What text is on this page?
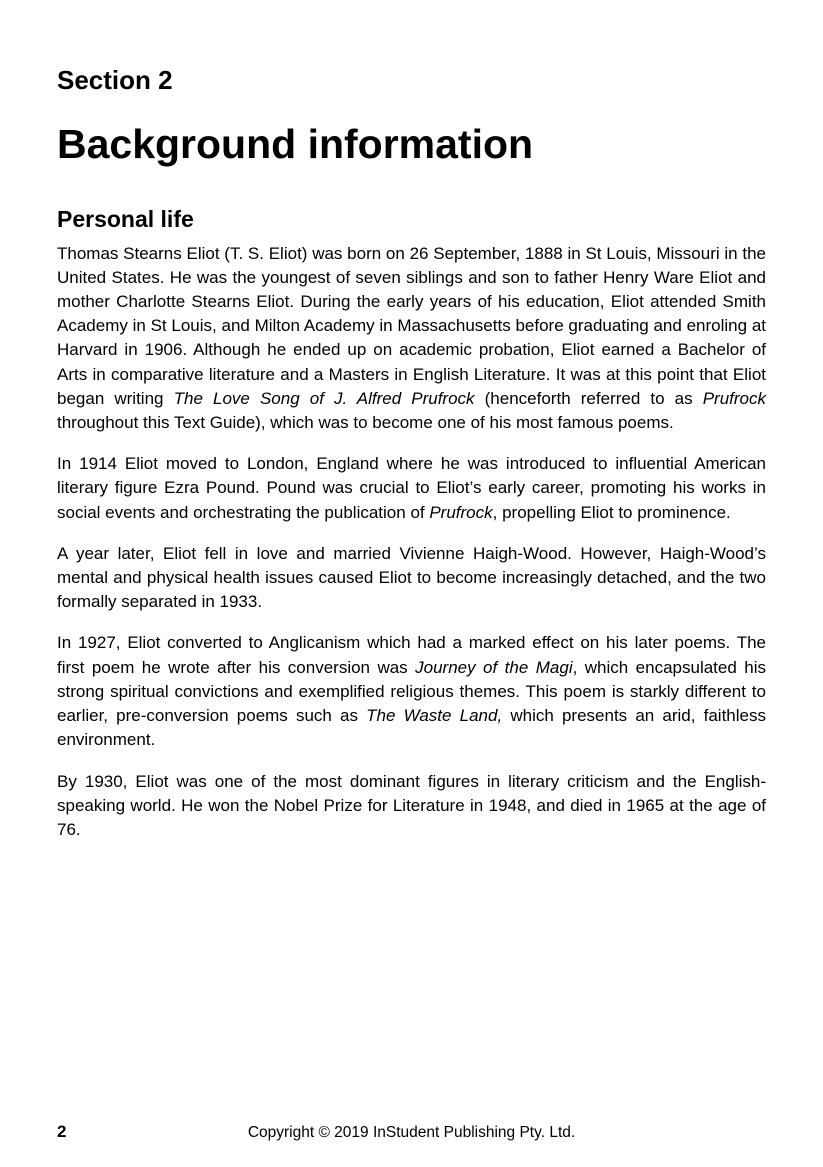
Section 2
Background information
Personal life

Thomas Stearns Eliot (T. S. Eliot) was born on 26 September, 1888 in St Louis, Missouri in the United States. He was the youngest of seven siblings and son to father Henry Ware Eliot and mother Charlotte Stearns Eliot. During the early years of his education, Eliot attended Smith Academy in St Louis, and Milton Academy in Massachusetts before graduating and enroling at Harvard in 1906. Although he ended up on academic probation, Eliot earned a Bachelor of Arts in comparative literature and a Masters in English Literature. It was at this point that Eliot began writing The Love Song of J. Alfred Prufrock (henceforth referred to as Prufrock throughout this Text Guide), which was to become one of his most famous poems.

In 1914 Eliot moved to London, England where he was introduced to influential American literary figure Ezra Pound. Pound was crucial to Eliot’s early career, promoting his works in social events and orchestrating the publication of Prufrock, propelling Eliot to prominence.

A year later, Eliot fell in love and married Vivienne Haigh-Wood. However, Haigh-Wood’s mental and physical health issues caused Eliot to become increasingly detached, and the two formally separated in 1933.

In 1927, Eliot converted to Anglicanism which had a marked effect on his later poems. The first poem he wrote after his conversion was Journey of the Magi, which encapsulated his strong spiritual convictions and exemplified religious themes. This poem is starkly different to earlier, pre-conversion poems such as The Waste Land, which presents an arid, faithless environment.

By 1930, Eliot was one of the most dominant figures in literary criticism and the English-speaking world. He won the Nobel Prize for Literature in 1948, and died in 1965 at the age of 76.

2	Copyright © 2019 InStudent Publishing Pty. Ltd.
